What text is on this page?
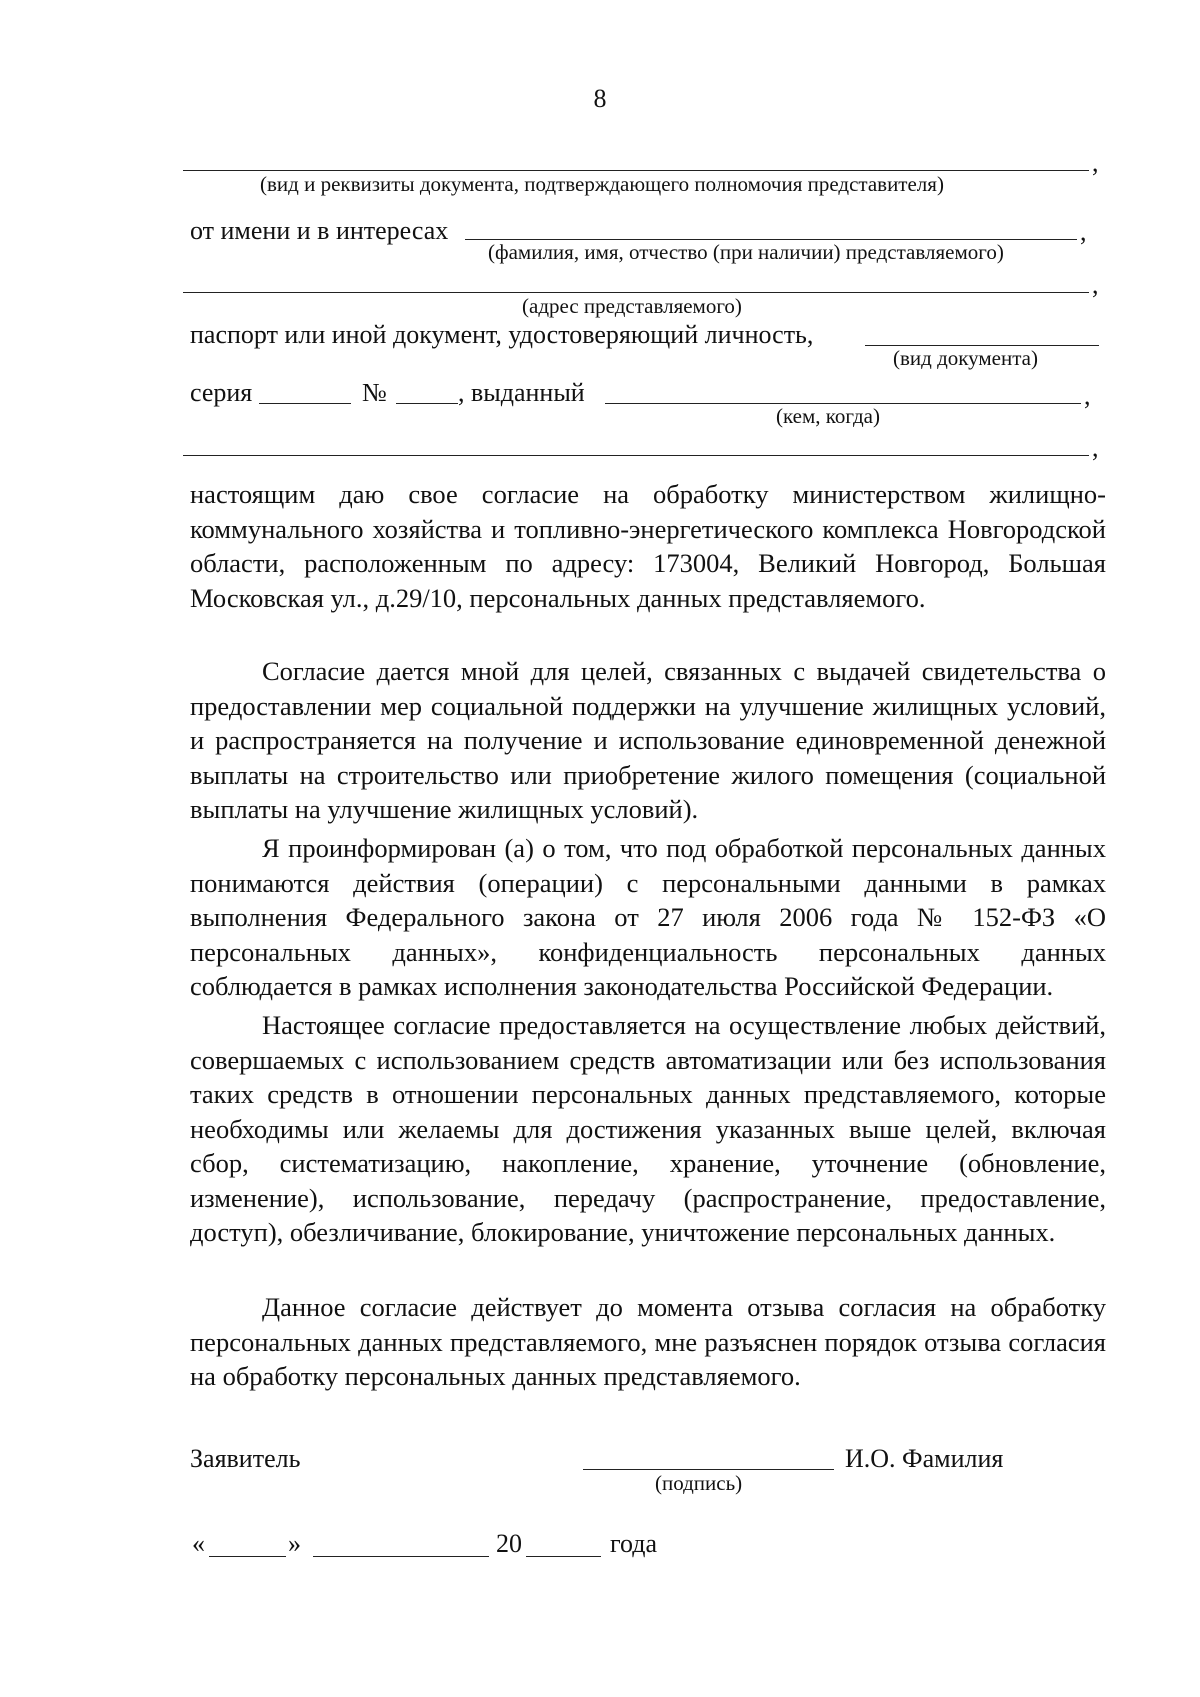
8
,
(вид и реквизиты документа, подтверждающего полномочия представителя)
от имени и в интересах	,
(фамилия, имя, отчество (при наличии) представляемого)
,
(адрес представляемого)
паспорт или иной документ, удостоверяющий личность,
(вид документа)
серия	№	, выданный	,
(кем, когда)
,
настоящим даю свое согласие на обработку министерством жилищно-коммунального хозяйства и топливно-энергетического комплекса Новгородской области, расположенным по адресу: 173004, Великий Новгород, Большая Московская ул., д.29/10, персональных данных представляемого.
Согласие дается мной для целей, связанных с выдачей свидетельства о предоставлении мер социальной поддержки на улучшение жилищных условий, и распространяется на получение и использование единовременной денежной выплаты на строительство или приобретение жилого помещения (социальной выплаты на улучшение жилищных условий).
Я проинформирован (а) о том, что под обработкой персональных данных понимаются действия (операции) с персональными данными в рамках выполнения Федерального закона от 27 июля 2006 года № 152-ФЗ «О персональных данных», конфиденциальность персональных данных соблюдается в рамках исполнения законодательства Российской Федерации.
Настоящее согласие предоставляется на осуществление любых действий, совершаемых с использованием средств автоматизации или без использования таких средств в отношении персональных данных представляемого, которые необходимы или желаемы для достижения указанных выше целей, включая сбор, систематизацию, накопление, хранение, уточнение (обновление, изменение), использование, передачу (распространение, предоставление, доступ), обезличивание, блокирование, уничтожение персональных данных.
Данное согласие действует до момента отзыва согласия на обработку персональных данных представляемого, мне разъяснен порядок отзыва согласия на обработку персональных данных представляемого.
Заявитель	И.О. Фамилия
(подпись)
«	»	20	года
